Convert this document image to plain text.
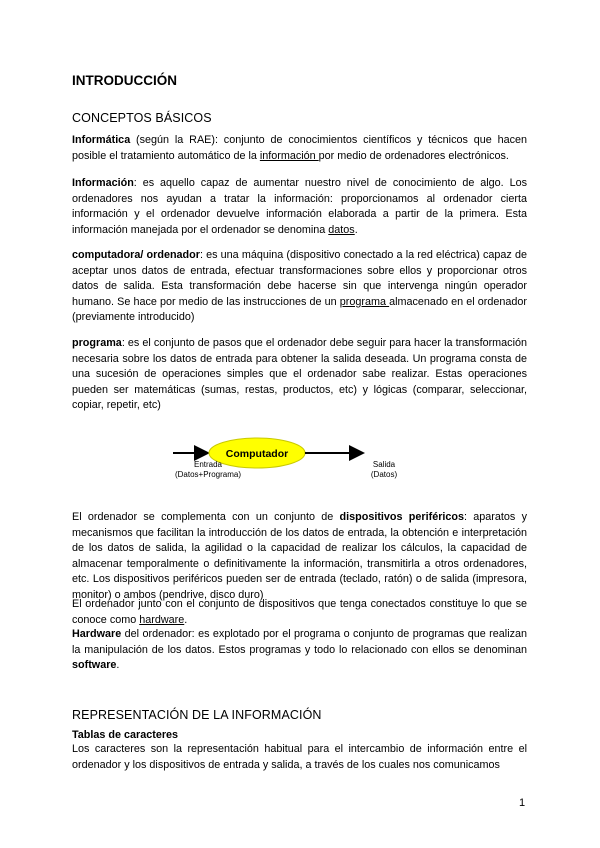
INTRODUCCIÓN
CONCEPTOS BÁSICOS
Informática (según la RAE): conjunto de conocimientos científicos y técnicos que hacen posible el tratamiento automático de la información por medio de ordenadores electrónicos.
Información: es aquello capaz de aumentar nuestro nivel de conocimiento de algo. Los ordenadores nos ayudan a tratar la información: proporcionamos al ordenador cierta información y el ordenador devuelve información elaborada a partir de la primera. Esta información manejada por el ordenador se denomina datos.
computadora/ ordenador: es una máquina (dispositivo conectado a la red eléctrica) capaz de aceptar unos datos de entrada, efectuar transformaciones sobre ellos y proporcionar otros datos de salida. Esta transformación debe hacerse sin que intervenga ningún operador humano. Se hace por medio de las instrucciones de un programa almacenado en el ordenador (previamente introducido)
programa: es el conjunto de pasos que el ordenador debe seguir para hacer la transformación necesaria sobre los datos de entrada para obtener la salida deseada. Un programa consta de una sucesión de operaciones simples que el ordenador sabe realizar. Estas operaciones pueden ser matemáticas (sumas, restas, productos, etc) y lógicas (comparar, seleccionar, copiar, repetir, etc)
Computador
Entrada
(Datos+Programa)
Salida
(Datos)
El ordenador se complementa con un conjunto de dispositivos periféricos: aparatos y mecanismos que facilitan la introducción de los datos de entrada, la obtención e interpretación de los datos de salida, la agilidad o la capacidad de realizar los cálculos, la capacidad de almacenar temporalmente o definitivamente la información, transmitirla a otros ordenadores, etc. Los dispositivos periféricos pueden ser de entrada (teclado, ratón) o de salida (impresora, monitor) o ambos (pendrive, disco duro)
El ordenador junto con el conjunto de dispositivos que tenga conectados constituye lo que se conoce como hardware.
Hardware del ordenador: es explotado por el programa o conjunto de programas que realizan la manipulación de los datos. Estos programas y todo lo relacionado con ellos se denominan software.
REPRESENTACIÓN DE LA INFORMACIÓN
Tablas de caracteres
Los caracteres son la representación habitual para el intercambio de información entre el ordenador y los dispositivos de entrada y salida, a través de los cuales nos comunicamos
1
